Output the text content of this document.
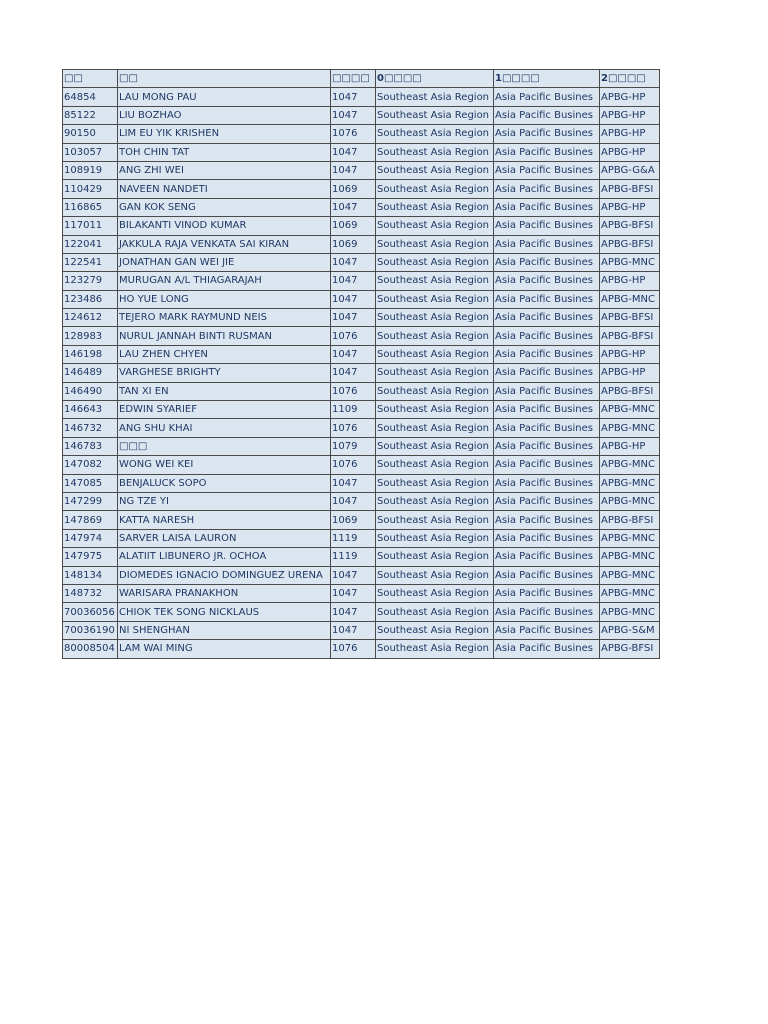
□□	□□	□□□□	0□□□□	1□□□□	2□□□□
64854	LAU MONG PAU	1047	Southeast Asia Region	Asia Pacific Busines	APBG-HP
85122	LIU BOZHAO	1047	Southeast Asia Region	Asia Pacific Busines	APBG-HP
90150	LIM EU YIK KRISHEN	1076	Southeast Asia Region	Asia Pacific Busines	APBG-HP
103057	TOH CHIN TAT	1047	Southeast Asia Region	Asia Pacific Busines	APBG-HP
108919	ANG ZHI WEI	1047	Southeast Asia Region	Asia Pacific Busines	APBG-G&A
110429	NAVEEN NANDETI	1069	Southeast Asia Region	Asia Pacific Busines	APBG-BFSI
116865	GAN KOK SENG	1047	Southeast Asia Region	Asia Pacific Busines	APBG-HP
117011	BILAKANTI VINOD KUMAR	1069	Southeast Asia Region	Asia Pacific Busines	APBG-BFSI
122041	JAKKULA RAJA VENKATA SAI KIRAN	1069	Southeast Asia Region	Asia Pacific Busines	APBG-BFSI
122541	JONATHAN GAN WEI JIE	1047	Southeast Asia Region	Asia Pacific Busines	APBG-MNC
123279	MURUGAN A/L THIAGARAJAH	1047	Southeast Asia Region	Asia Pacific Busines	APBG-HP
123486	HO YUE LONG	1047	Southeast Asia Region	Asia Pacific Busines	APBG-MNC
124612	TEJERO MARK RAYMUND NEIS	1047	Southeast Asia Region	Asia Pacific Busines	APBG-BFSI
128983	NURUL JANNAH BINTI RUSMAN	1076	Southeast Asia Region	Asia Pacific Busines	APBG-BFSI
146198	LAU ZHEN CHYEN	1047	Southeast Asia Region	Asia Pacific Busines	APBG-HP
146489	VARGHESE BRIGHTY	1047	Southeast Asia Region	Asia Pacific Busines	APBG-HP
146490	TAN XI EN	1076	Southeast Asia Region	Asia Pacific Busines	APBG-BFSI
146643	EDWIN SYARIEF	1109	Southeast Asia Region	Asia Pacific Busines	APBG-MNC
146732	ANG SHU KHAI	1076	Southeast Asia Region	Asia Pacific Busines	APBG-MNC
146783	□□□	1079	Southeast Asia Region	Asia Pacific Busines	APBG-HP
147082	WONG WEI KEI	1076	Southeast Asia Region	Asia Pacific Busines	APBG-MNC
147085	BENJALUCK SOPO	1047	Southeast Asia Region	Asia Pacific Busines	APBG-MNC
147299	NG TZE YI	1047	Southeast Asia Region	Asia Pacific Busines	APBG-MNC
147869	KATTA NARESH	1069	Southeast Asia Region	Asia Pacific Busines	APBG-BFSI
147974	SARVER LAISA LAURON	1119	Southeast Asia Region	Asia Pacific Busines	APBG-MNC
147975	ALATIIT LIBUNERO JR. OCHOA	1119	Southeast Asia Region	Asia Pacific Busines	APBG-MNC
148134	DIOMEDES IGNACIO DOMINGUEZ URENA	1047	Southeast Asia Region	Asia Pacific Busines	APBG-MNC
148732	WARISARA PRANAKHON	1047	Southeast Asia Region	Asia Pacific Busines	APBG-MNC
70036056	CHIOK TEK SONG NICKLAUS	1047	Southeast Asia Region	Asia Pacific Busines	APBG-MNC
70036190	NI SHENGHAN	1047	Southeast Asia Region	Asia Pacific Busines	APBG-S&M
80008504	LAM WAI MING	1076	Southeast Asia Region	Asia Pacific Busines	APBG-BFSI
